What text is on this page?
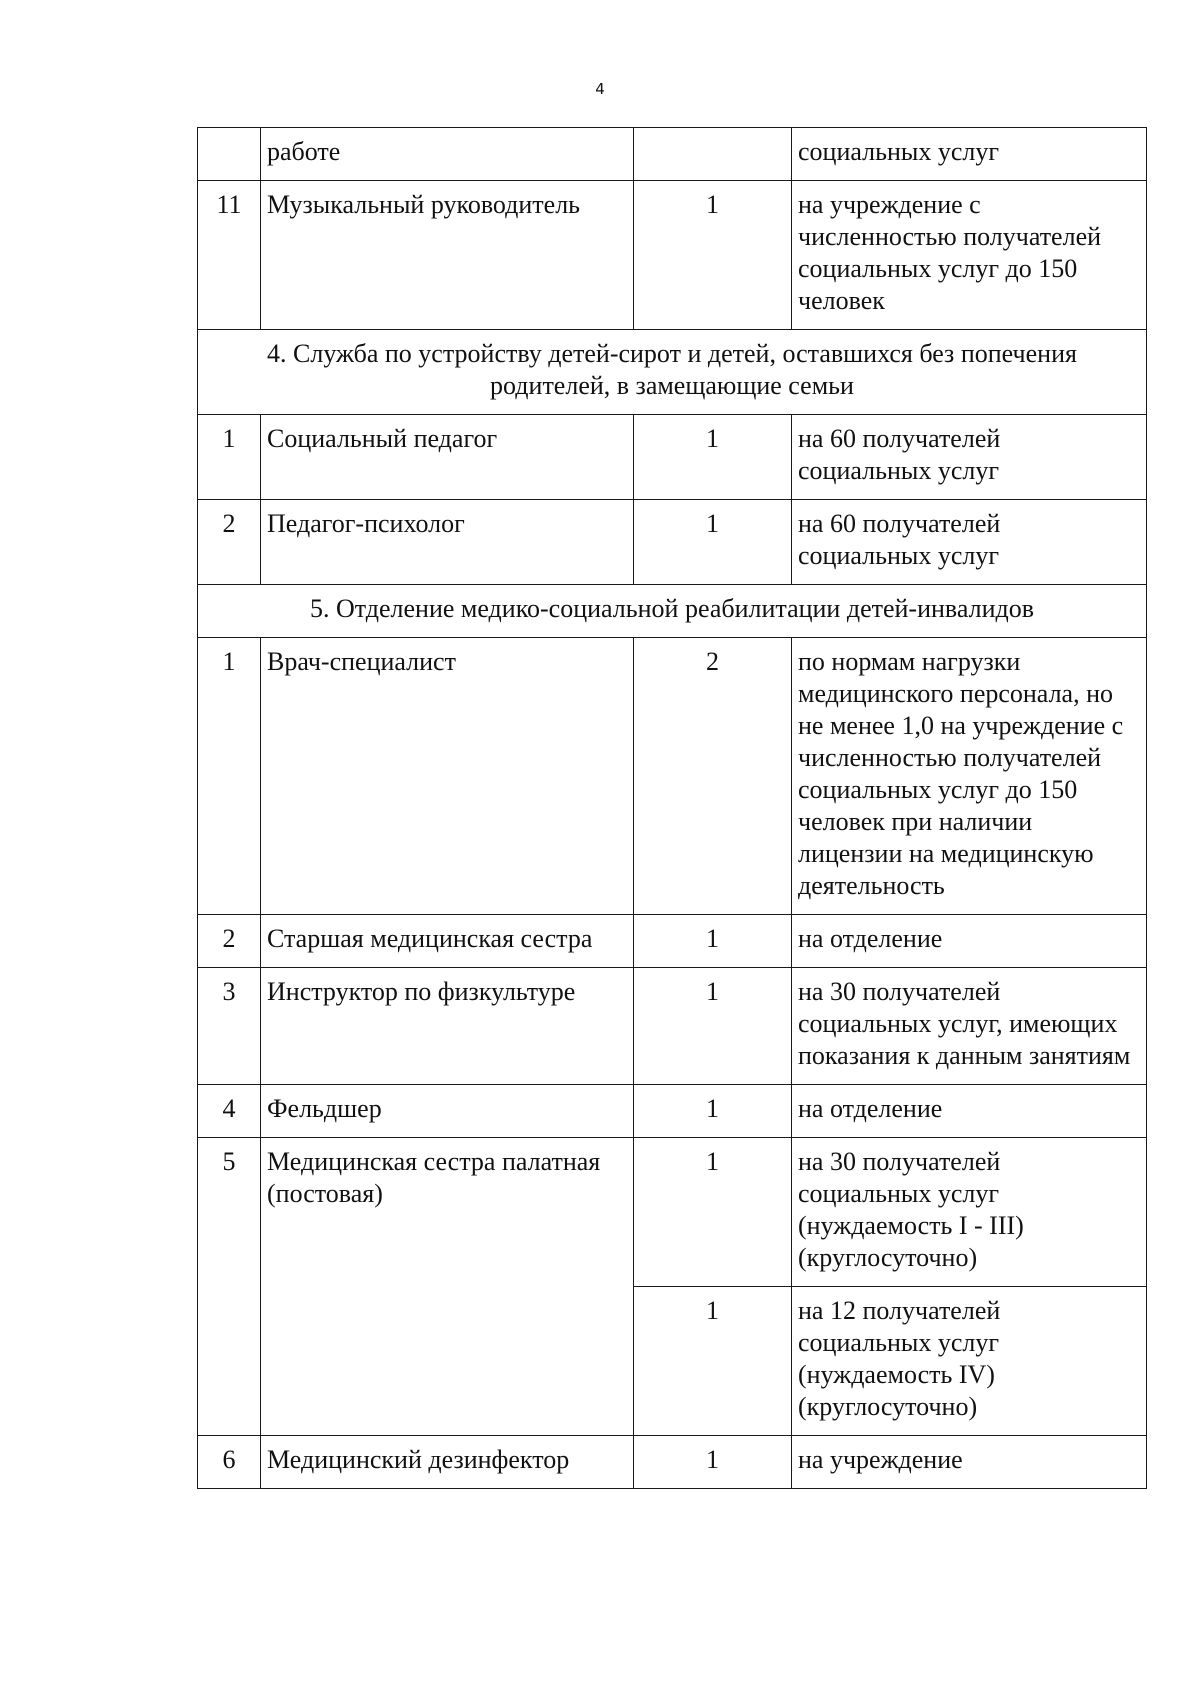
4
	работе		социальных услуг
11	Музыкальный руководитель	1	на учреждение с численностью получателей социальных услуг до 150 человек
4. Служба по устройству детей-сирот и детей, оставшихся без попечения родителей, в замещающие семьи			
1	Социальный педагог	1	на 60 получателей социальных услуг
2	Педагог-психолог	1	на 60 получателей социальных услуг
5. Отделение медико-социальной реабилитации детей-инвалидов			
1	Врач-специалист	2	по нормам нагрузки медицинского персонала, но не менее 1,0 на учреждение с численностью получателей социальных услуг до 150 человек при наличии лицензии на медицинскую деятельность
2	Старшая медицинская сестра	1	на отделение
3	Инструктор по физкультуре	1	на 30 получателей социальных услуг, имеющих показания к данным занятиям
4	Фельдшер	1	на отделение
5	Медицинская сестра палатная (постовая)	1	на 30 получателей социальных услуг (нуждаемость I - III) (круглосуточно)
		1	на 12 получателей социальных услуг (нуждаемость IV) (круглосуточно)
6	Медицинский дезинфектор	1	на учреждение
